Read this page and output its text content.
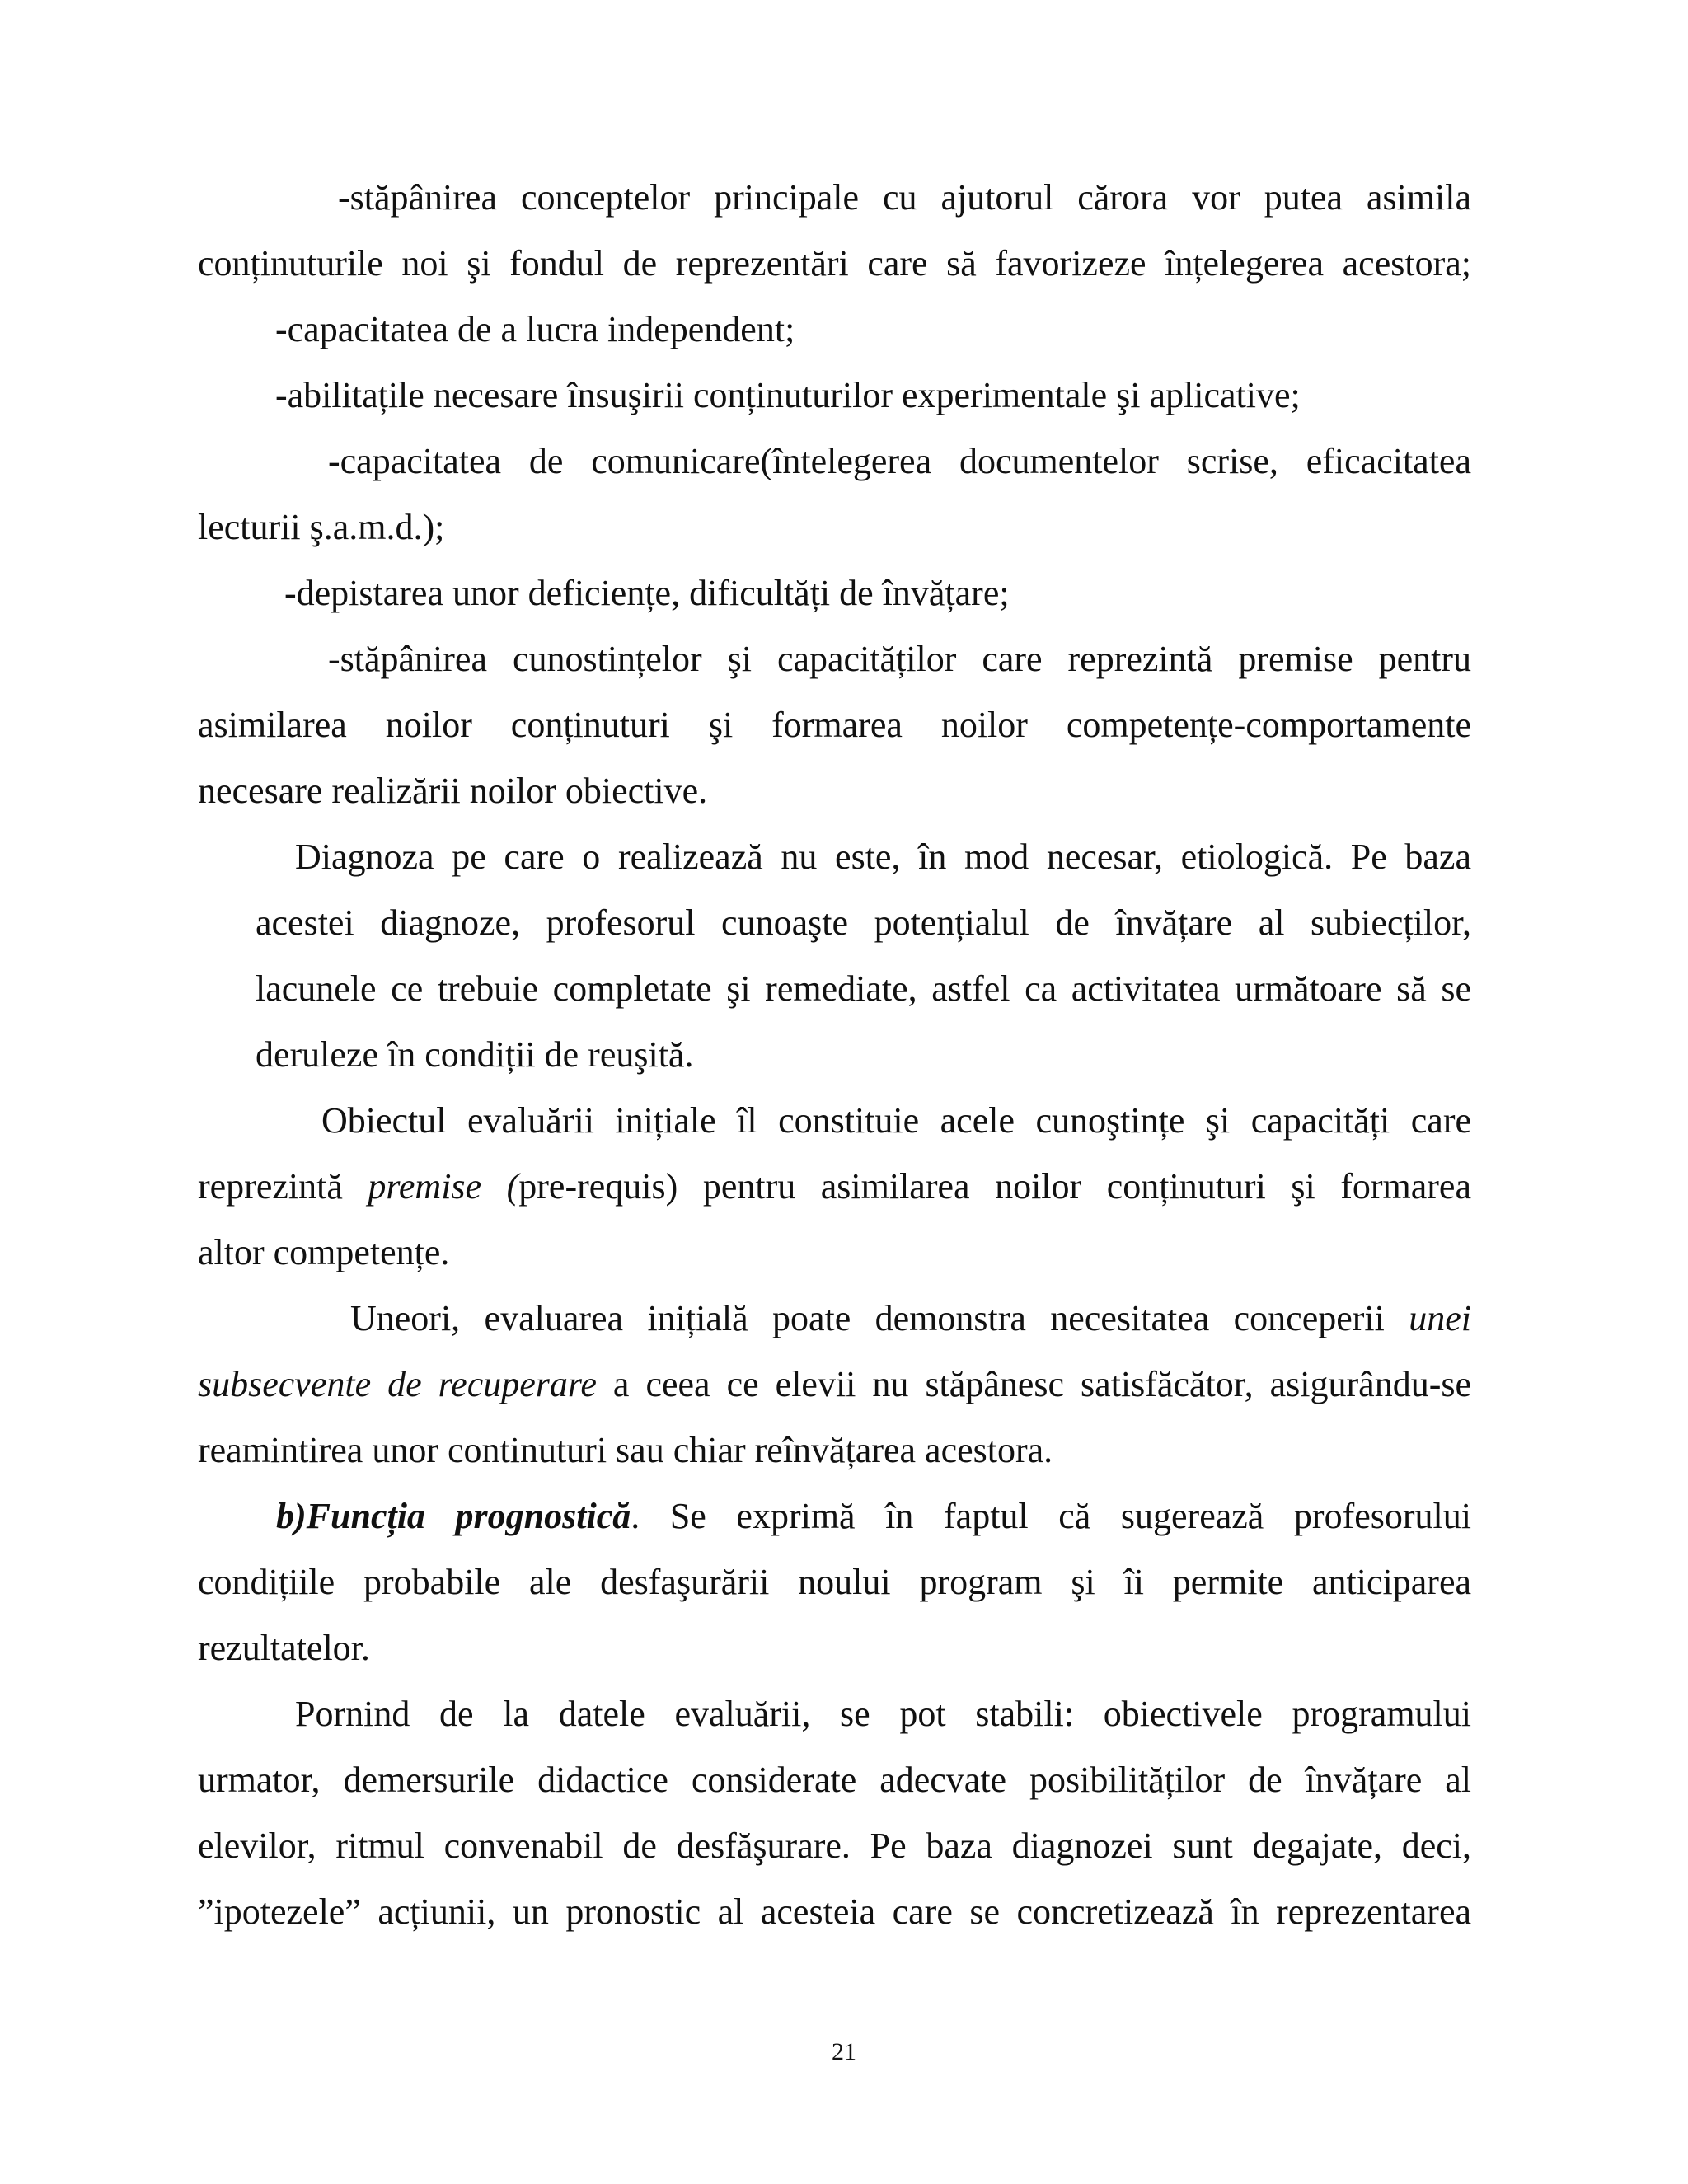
-stăpânirea conceptelor principale cu ajutorul cărora vor putea asimila
conținuturile noi şi fondul de reprezentări care să favorizeze înțelegerea acestora;
-capacitatea de a lucra independent;
-abilitațile necesare însuşirii conținuturilor experimentale şi aplicative;
-capacitatea de comunicare(întelegerea documentelor scrise, eficacitatea
lecturii ş.a.m.d.);
-depistarea unor deficiențe, dificultăți de învățare;
-stăpânirea cunostințelor şi capacităților care reprezintă premise pentru
asimilarea noilor conținuturi şi formarea noilor competențe-comportamente
necesare realizării noilor obiective.
Diagnoza pe care o realizează nu este, în mod necesar, etiologică. Pe baza
acestei diagnoze, profesorul cunoaşte potențialul de învățare al subiecților,
lacunele ce trebuie completate şi remediate, astfel ca activitatea următoare să se
deruleze în condiții de reuşită.
Obiectul evaluării inițiale îl constituie acele cunoştințe şi capacități care
reprezintă premise (pre-requis) pentru asimilarea noilor conținuturi şi formarea
altor competențe.
Uneori, evaluarea inițială poate demonstra necesitatea conceperii unei
subsecvente de recuperare a ceea ce elevii nu stăpânesc satisfăcător, asigurându-se
reamintirea unor continuturi sau chiar reînvățarea acestora.
b)Funcția prognostică. Se exprimă în faptul că sugerează profesorului
condițiile probabile ale desfaşurării noului program şi îi permite anticiparea
rezultatelor.
Pornind de la datele evaluării, se pot stabili: obiectivele programului
urmator, demersurile didactice considerate adecvate posibilităților de învățare al
elevilor, ritmul convenabil de desfăşurare. Pe baza diagnozei sunt degajate, deci,
”ipotezele” acțiunii, un pronostic al acesteia care se concretizează în reprezentarea
21
